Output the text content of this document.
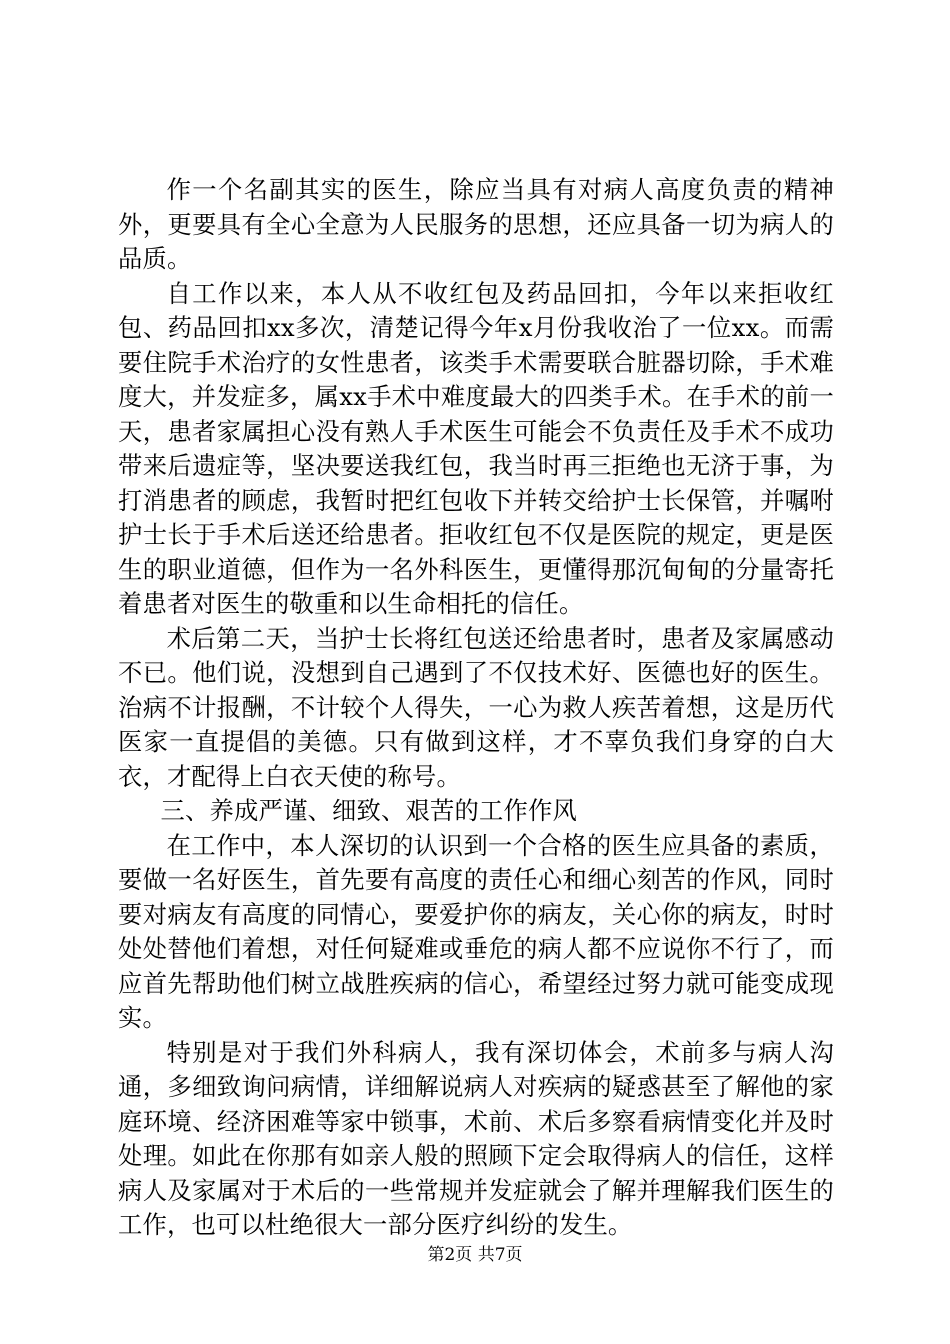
作一个名副其实的医生，除应当具有对病人高度负责的精神外，更要具有全心全意为人民服务的思想，还应具备一切为病人的品质。

自工作以来，本人从不收红包及药品回扣，今年以来拒收红包、药品回扣xx多次，清楚记得今年x月份我收治了一位xx。而需要住院手术治疗的女性患者，该类手术需要联合脏器切除，手术难度大，并发症多，属xx手术中难度最大的四类手术。在手术的前一天，患者家属担心没有熟人手术医生可能会不负责任及手术不成功带来后遗症等，坚决要送我红包，我当时再三拒绝也无济于事，为打消患者的顾虑，我暂时把红包收下并转交给护士长保管，并嘱咐护士长于手术后送还给患者。拒收红包不仅是医院的规定，更是医生的职业道德，但作为一名外科医生，更懂得那沉甸甸的分量寄托着患者对医生的敬重和以生命相托的信任。

术后第二天，当护士长将红包送还给患者时，患者及家属感动不已。他们说，没想到自己遇到了不仅技术好、医德也好的医生。治病不计报酬，不计较个人得失，一心为救人疾苦着想，这是历代医家一直提倡的美德。只有做到这样，才不辜负我们身穿的白大衣，才配得上白衣天使的称号。

三、养成严谨、细致、艰苦的工作作风

在工作中，本人深切的认识到一个合格的医生应具备的素质，要做一名好医生，首先要有高度的责任心和细心刻苦的作风，同时要对病友有高度的同情心，要爱护你的病友，关心你的病友，时时处处替他们着想，对任何疑难或垂危的病人都不应说你不行了，而应首先帮助他们树立战胜疾病的信心，希望经过努力就可能变成现实。

特别是对于我们外科病人，我有深切体会，术前多与病人沟通，多细致询问病情，详细解说病人对疾病的疑惑甚至了解他的家庭环境、经济困难等家中锁事，术前、术后多察看病情变化并及时处理。如此在你那有如亲人般的照顾下定会取得病人的信任，这样病人及家属对于术后的一些常规并发症就会了解并理解我们医生的工作，也可以杜绝很大一部分医疗纠纷的发生。

第2页 共7页
